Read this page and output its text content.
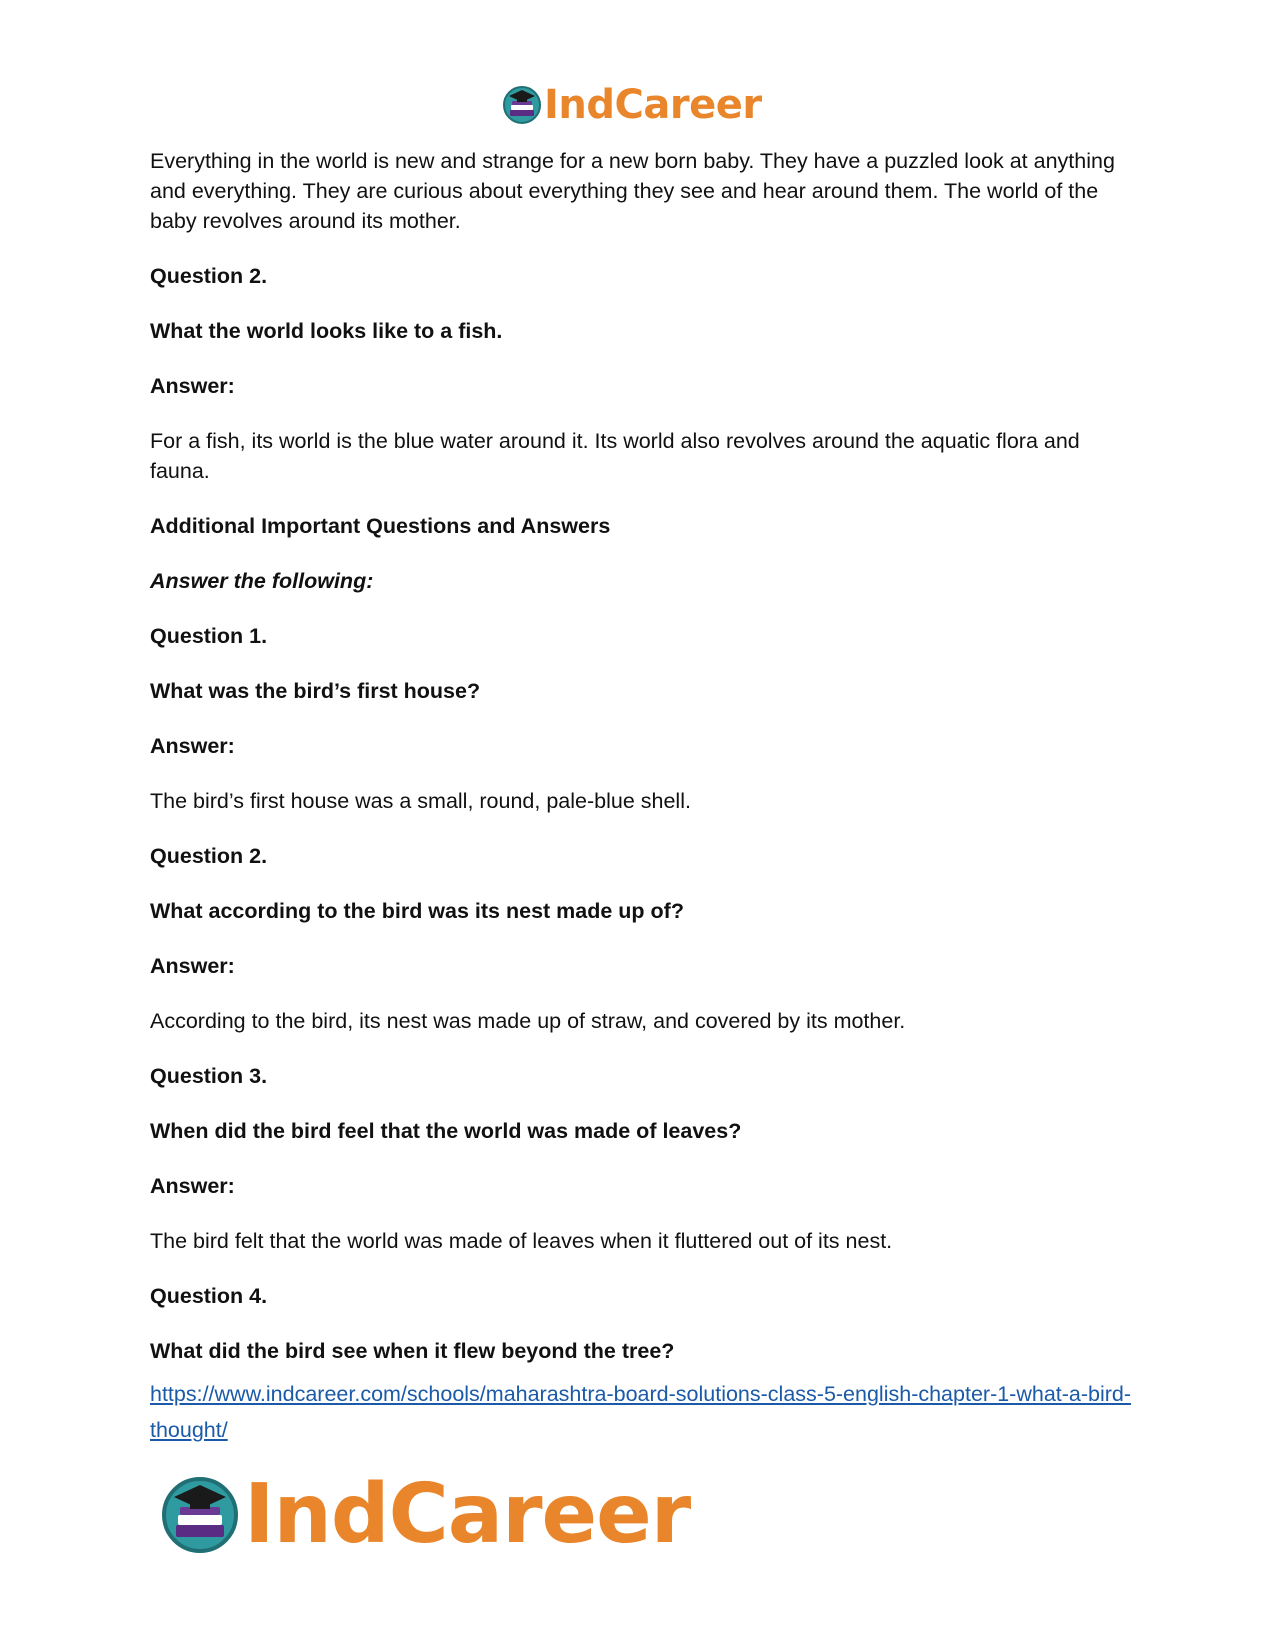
IndCareer

Everything in the world is new and strange for a new born baby. They have a puzzled look at anything and everything. They are curious about everything they see and hear around them. The world of the baby revolves around its mother.

Question 2.

What the world looks like to a fish.

Answer:

For a fish, its world is the blue water around it. Its world also revolves around the aquatic flora and fauna.

Additional Important Questions and Answers

Answer the following:

Question 1.

What was the bird’s first house?

Answer:

The bird’s first house was a small, round, pale-blue shell.

Question 2.

What according to the bird was its nest made up of?

Answer:

According to the bird, its nest was made up of straw, and covered by its mother.

Question 3.

When did the bird feel that the world was made of leaves?

Answer:

The bird felt that the world was made of leaves when it fluttered out of its nest.

Question 4.

What did the bird see when it flew beyond the tree?

https://www.indcareer.com/schools/maharashtra-board-solutions-class-5-english-chapter-1-what-a-bird-thought/

IndCareer
